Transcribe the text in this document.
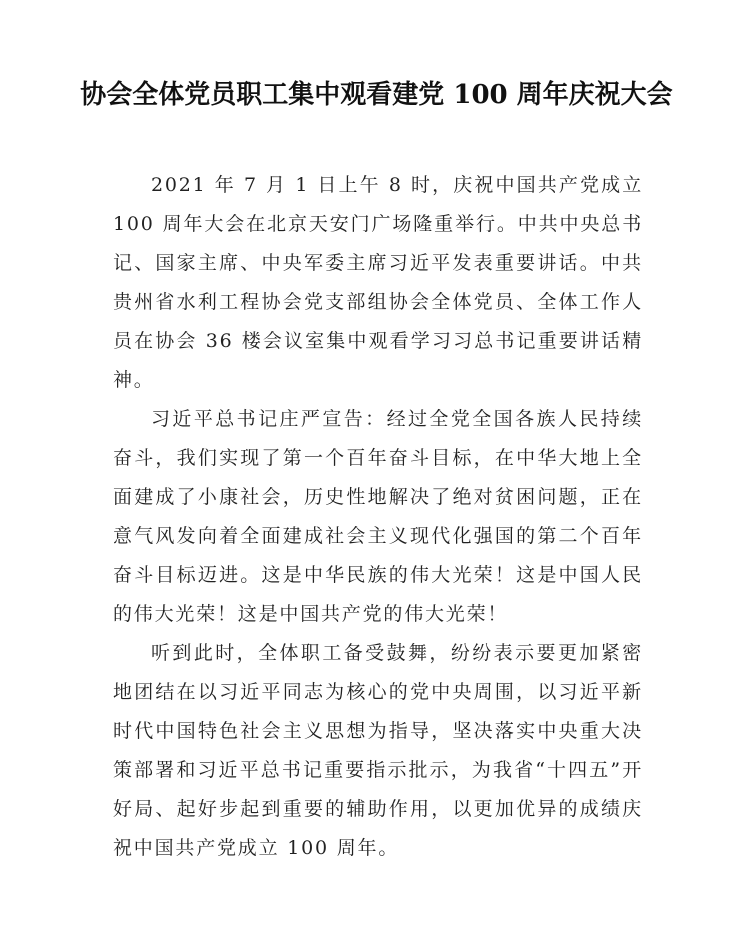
协会全体党员职工集中观看建党 100 周年庆祝大会

2021 年 7 月 1 日上午 8 时，庆祝中国共产党成立 100 周年大会在北京天安门广场隆重举行。中共中央总书记、国家主席、中央军委主席习近平发表重要讲话。中共贵州省水利工程协会党支部组协会全体党员、全体工作人员在协会 36 楼会议室集中观看学习习总书记重要讲话精神。

习近平总书记庄严宣告：经过全党全国各族人民持续奋斗，我们实现了第一个百年奋斗目标，在中华大地上全面建成了小康社会，历史性地解决了绝对贫困问题，正在意气风发向着全面建成社会主义现代化强国的第二个百年奋斗目标迈进。这是中华民族的伟大光荣！这是中国人民的伟大光荣！这是中国共产党的伟大光荣！

听到此时，全体职工备受鼓舞，纷纷表示要更加紧密地团结在以习近平同志为核心的党中央周围，以习近平新时代中国特色社会主义思想为指导，坚决落实中央重大决策部署和习近平总书记重要指示批示，为我省“十四五”开好局、起好步起到重要的辅助作用，以更加优异的成绩庆祝中国共产党成立 100 周年。
